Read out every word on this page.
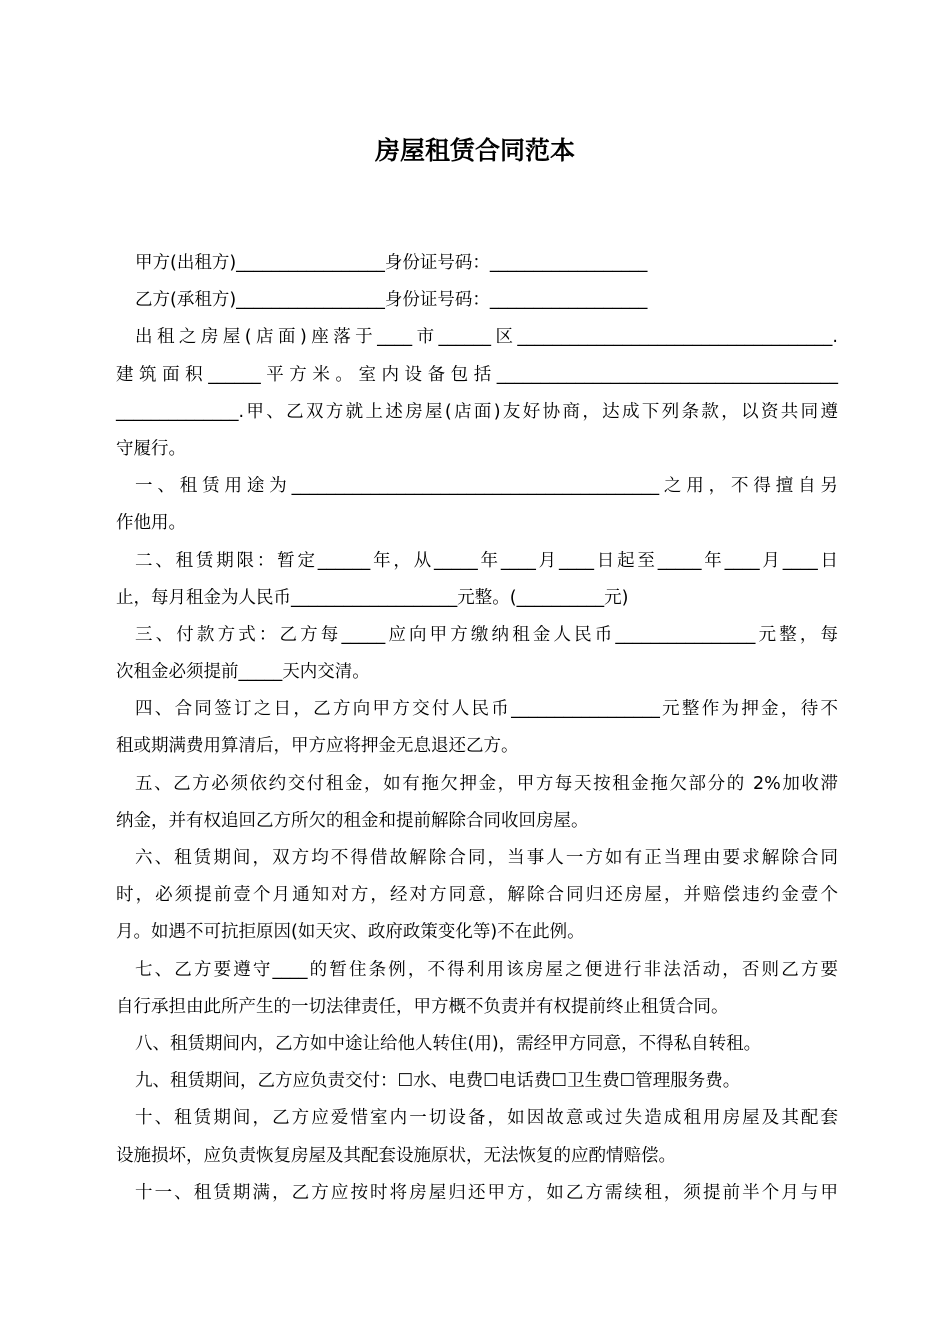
房屋租赁合同范本
甲方(出租方)_________________身份证号码：__________________
乙方(承租方)_________________身份证号码：__________________
出租之房屋(店面)座落于____市______区____________________________________.
建筑面积______平方米。室内设备包括_______________________________________
______________.甲、乙双方就上述房屋(店面)友好协商，达成下列条款，以资共同遵
守履行。
一、租赁用途为__________________________________________之用，不得擅自另
作他用。
二、租赁期限：暂定______年，从_____年____月____日起至_____年____月____日
止，每月租金为人民币___________________元整。(__________元)
三、付款方式：乙方每_____应向甲方缴纳租金人民币________________元整，每
次租金必须提前_____天内交清。
四、合同签订之日，乙方向甲方交付人民币_________________元整作为押金，待不
租或期满费用算清后，甲方应将押金无息退还乙方。
五、乙方必须依约交付租金，如有拖欠押金，甲方每天按租金拖欠部分的 2%加收滞
纳金，并有权追回乙方所欠的租金和提前解除合同收回房屋。
六、租赁期间，双方均不得借故解除合同，当事人一方如有正当理由要求解除合同
时，必须提前壹个月通知对方，经对方同意，解除合同归还房屋，并赔偿违约金壹个
月。如遇不可抗拒原因(如天灾、政府政策变化等)不在此例。
七、乙方要遵守____的暂住条例，不得利用该房屋之便进行非法活动，否则乙方要
自行承担由此所产生的一切法律责任，甲方概不负责并有权提前终止租赁合同。
八、租赁期间内，乙方如中途让给他人转住(用)，需经甲方同意，不得私自转租。
九、租赁期间，乙方应负责交付：☐水、电费☐电话费☐卫生费☐管理服务费。
十、租赁期间，乙方应爱惜室内一切设备，如因故意或过失造成租用房屋及其配套
设施损坏，应负责恢复房屋及其配套设施原状，无法恢复的应酌情赔偿。
十一、租赁期满，乙方应按时将房屋归还甲方，如乙方需续租，须提前半个月与甲
